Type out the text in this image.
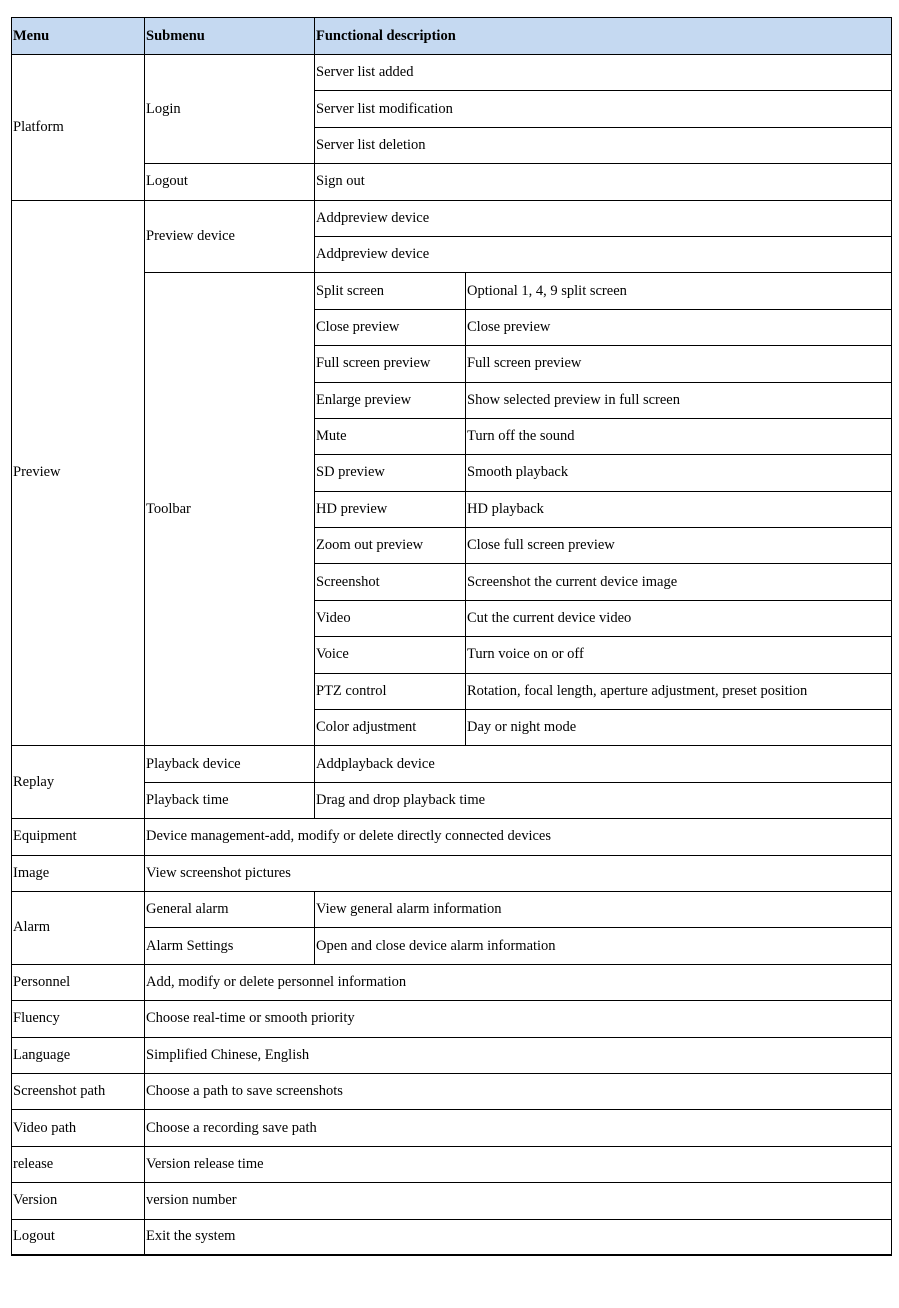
Menu	Submenu	Functional description	
Platform	Login	Server list added	
		Server list modification	
		Server list deletion	
	Logout	Sign out	
Preview	Preview device	Addpreview device	
		Addpreview device	
	Toolbar	Split screen	Optional 1, 4, 9 split screen
		Close preview	Close preview
		Full screen preview	Full screen preview
		Enlarge preview	Show selected preview in full screen
		Mute	Turn off the sound
		SD preview	Smooth playback
		HD preview	HD playback
		Zoom out preview	Close full screen preview
		Screenshot	Screenshot the current device image
		Video	Cut the current device video
		Voice	Turn voice on or off
		PTZ control	Rotation, focal length, aperture adjustment, preset position
		Color adjustment	Day or night mode
Replay	Playback device	Addplayback device	
	Playback time	Drag and drop playback time	
Equipment	Device management-add, modify or delete directly connected devices		
Image	View screenshot pictures		
Alarm	General alarm	View general alarm information	
	Alarm Settings	Open and close device alarm information	
Personnel	Add, modify or delete personnel information		
Fluency	Choose real-time or smooth priority		
Language	Simplified Chinese, English		
Screenshot path	Choose a path to save screenshots		
Video path	Choose a recording save path		
release	Version release time		
Version	version number		
Logout	Exit the system		
